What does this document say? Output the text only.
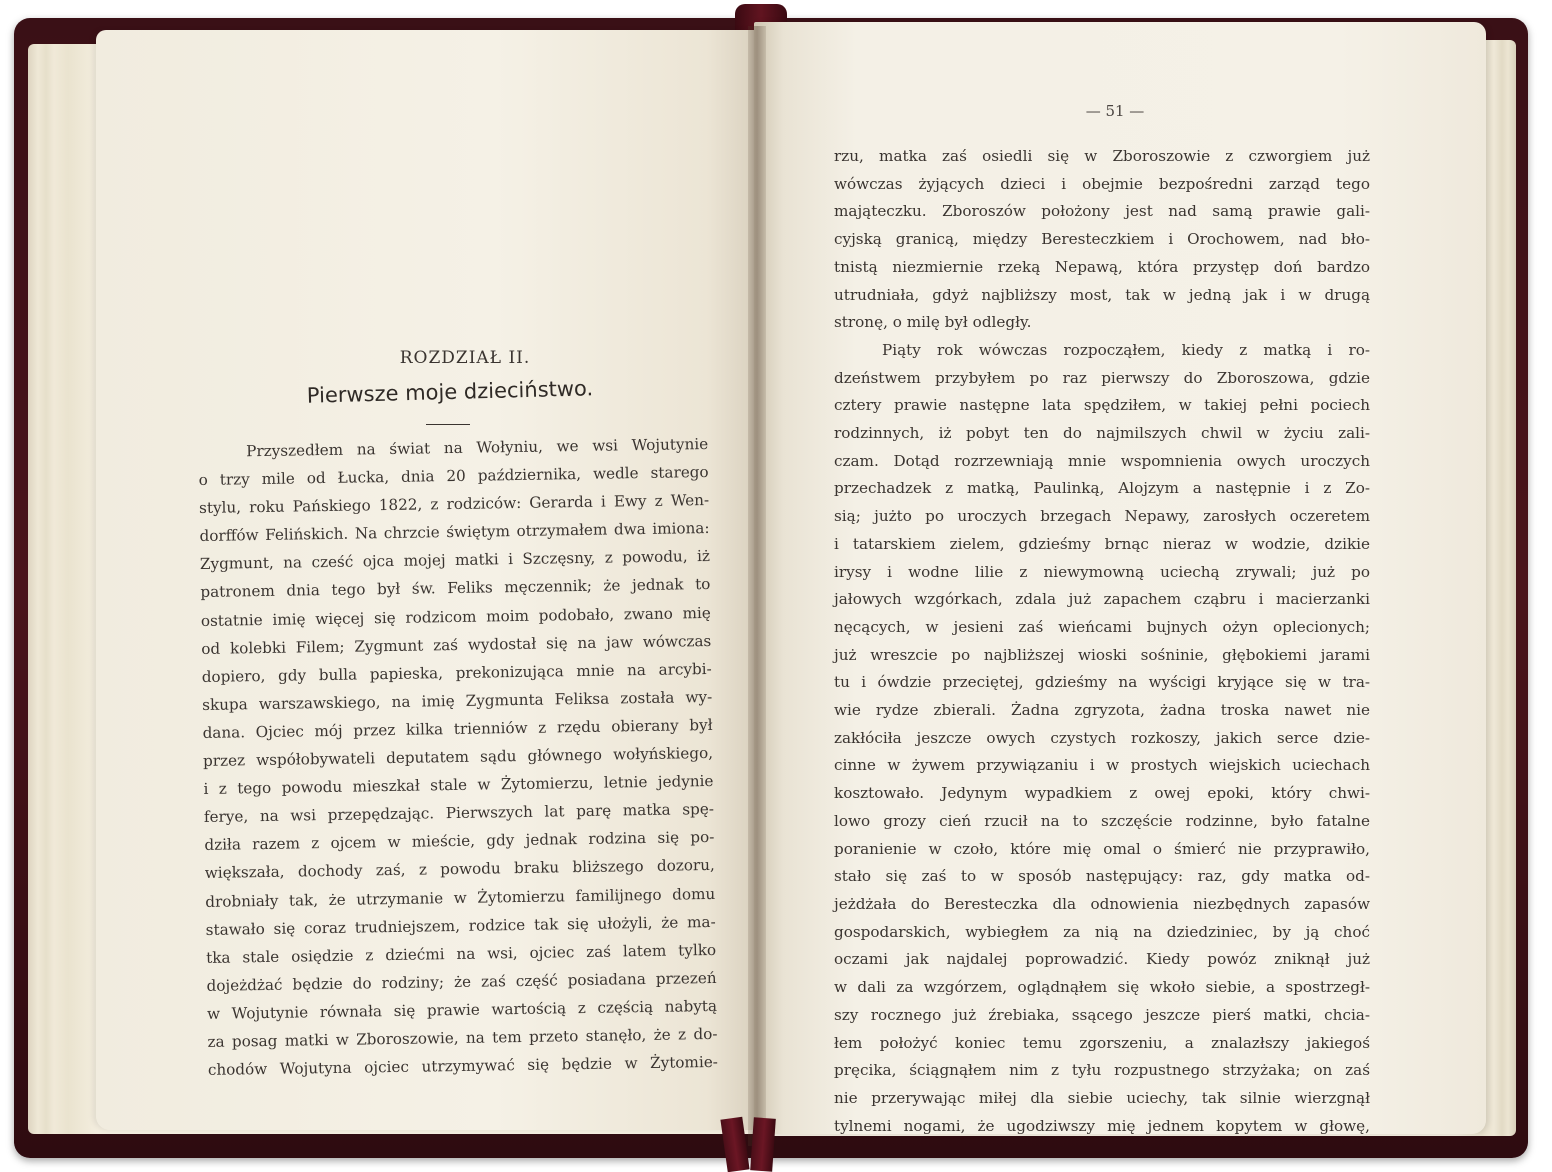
ROZDZIAŁ II.
Pierwsze moje dzieciństwo.
Przyszedłem na świat na Wołyniu, we wsi Wojutynie
o trzy mile od Łucka, dnia 20 października, wedle starego
stylu, roku Pańskiego 1822, z rodziców: Gerarda i Ewy z Wen-
dorffów Felińskich. Na chrzcie świętym otrzymałem dwa imiona:
Zygmunt, na cześć ojca mojej matki i Szczęsny, z powodu, iż
patronem dnia tego był św. Feliks męczennik; że jednak to
ostatnie imię więcej się rodzicom moim podobało, zwano mię
od kolebki Filem; Zygmunt zaś wydostał się na jaw wówczas
dopiero, gdy bulla papieska, prekonizująca mnie na arcybi-
skupa warszawskiego, na imię Zygmunta Feliksa została wy-
dana. Ojciec mój przez kilka trienniów z rzędu obierany był
przez współobywateli deputatem sądu głównego wołyńskiego,
i z tego powodu mieszkał stale w Żytomierzu, letnie jedynie
ferye, na wsi przepędzając. Pierwszych lat parę matka spę-
dziła razem z ojcem w mieście, gdy jednak rodzina się po-
większała, dochody zaś, z powodu braku bliższego dozoru,
drobniały tak, że utrzymanie w Żytomierzu familijnego domu
stawało się coraz trudniejszem, rodzice tak się ułożyli, że ma-
tka stale osiędzie z dziećmi na wsi, ojciec zaś latem tylko
dojeżdżać będzie do rodziny; że zaś część posiadana przezeń
w Wojutynie równała się prawie wartością z częścią nabytą
za posag matki w Zboroszowie, na tem przeto stanęło, że z do-
chodów Wojutyna ojciec utrzymywać się będzie w Żytomie-
— 51 —
rzu, matka zaś osiedli się w Zboroszowie z czworgiem już
wówczas żyjących dzieci i obejmie bezpośredni zarząd tego
mająteczku. Zboroszów położony jest nad samą prawie gali-
cyjską granicą, między Beresteczkiem i Orochowem, nad bło-
tnistą niezmiernie rzeką Nepawą, która przystęp doń bardzo
utrudniała, gdyż najbliższy most, tak w jedną jak i w drugą
stronę, o milę był odległy.
Piąty rok wówczas rozpocząłem, kiedy z matką i ro-
dzeństwem przybyłem po raz pierwszy do Zboroszowa, gdzie
cztery prawie następne lata spędziłem, w takiej pełni pociech
rodzinnych, iż pobyt ten do najmilszych chwil w życiu zali-
czam. Dotąd rozrzewniają mnie wspomnienia owych uroczych
przechadzek z matką, Paulinką, Alojzym a następnie i z Zo-
sią; jużto po uroczych brzegach Nepawy, zarosłych oczeretem
i tatarskiem zielem, gdzieśmy brnąc nieraz w wodzie, dzikie
irysy i wodne lilie z niewymowną uciechą zrywali; już po
jałowych wzgórkach, zdala już zapachem cząbru i macierzanki
nęcących, w jesieni zaś wieńcami bujnych ożyn oplecionych;
już wreszcie po najbliższej wioski sośninie, głębokiemi jarami
tu i ówdzie przeciętej, gdzieśmy na wyścigi kryjące się w tra-
wie rydze zbierali. Żadna zgryzota, żadna troska nawet nie
zakłóciła jeszcze owych czystych rozkoszy, jakich serce dzie-
cinne w żywem przywiązaniu i w prostych wiejskich uciechach
kosztowało. Jedynym wypadkiem z owej epoki, który chwi-
lowo grozy cień rzucił na to szczęście rodzinne, było fatalne
poranienie w czoło, które mię omal o śmierć nie przyprawiło,
stało się zaś to w sposób następujący: raz, gdy matka od-
jeżdżała do Beresteczka dla odnowienia niezbędnych zapasów
gospodarskich, wybiegłem za nią na dziedziniec, by ją choć
oczami jak najdalej poprowadzić. Kiedy powóz zniknął już
w dali za wzgórzem, oglądnąłem się wkoło siebie, a spostrzegł-
szy rocznego już źrebiaka, ssącego jeszcze pierś matki, chcia-
łem położyć koniec temu zgorszeniu, a znalazłszy jakiegoś
pręcika, ściągnąłem nim z tyłu rozpustnego strzyżaka; on zaś
nie przerywając miłej dla siebie uciechy, tak silnie wierzgnął
tylnemi nogami, że ugodziwszy mię jednem kopytem w głowę,
